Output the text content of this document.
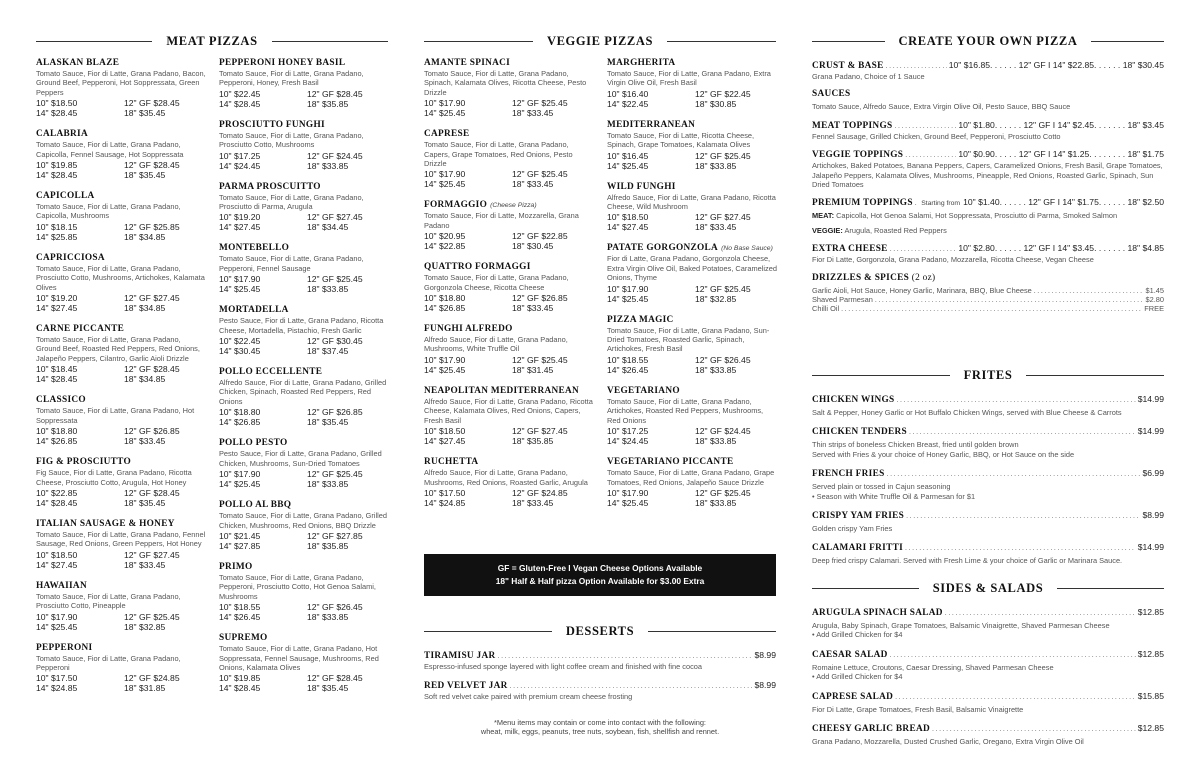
MEAT PIZZAS
ALASKAN BLAZE
Tomato Sauce, Fior di Latte, Grana Padano, Bacon, Ground Beef, Pepperoni, Hot Soppressata, Green Peppers
10" $18.50	12" GF $28.45
14" $28.45	18" $35.45
CALABRIA
Tomato Sauce, Fior di Latte, Grana Padano, Capicolla, Fennel Sausage, Hot Soppressata
10" $19.85	12" GF $28.45
14" $28.45	18" $35.45
CAPICOLLA
Tomato Sauce, Fior di Latte, Grana Padano, Capicolla, Mushrooms
10" $18.15	12" GF $25.85
14" $25.85	18" $34.85
CAPRICCIOSA
Tomato Sauce, Fior di Latte, Grana Padano, Prosciutto Cotto, Mushrooms, Artichokes, Kalamata Olives
10" $19.20	12" GF $27.45
14" $27.45	18" $34.85
CARNE PICCANTE
Tomato Sauce, Fior di Latte, Grana Padano, Ground Beef, Roasted Red Peppers, Red Onions, Jalapeño Peppers, Cilantro, Garlic Aioli Drizzle
10" $18.45	12" GF $28.45
14" $28.45	18" $34.85
CLASSICO
Tomato Sauce, Fior di Latte, Grana Padano, Hot Soppressata
10" $18.80	12" GF $26.85
14" $26.85	18" $33.45
FIG & PROSCIUTTO
Fig Sauce, Fior di Latte, Grana Padano, Ricotta Cheese, Prosciutto Cotto, Arugula, Hot Honey
10" $22.85	12" GF $28.45
14" $28.45	18" $35.45
ITALIAN SAUSAGE & HONEY
Tomato Sauce, Fior di Latte, Grana Padano, Fennel Sausage, Red Onions, Green Peppers, Hot Honey
10" $18.50	12" GF $27.45
14" $27.45	18" $33.45
HAWAIIAN
Tomato Sauce, Fior di Latte, Grana Padano, Prosciutto Cotto, Pineapple
10" $17.90	12" GF $25.45
14" $25.45	18" $32.85
PEPPERONI
Tomato Sauce, Fior di Latte, Grana Padano, Pepperoni
10" $17.50	12" GF $24.85
14" $24.85	18" $31.85
PEPPERONI HONEY BASIL
Tomato Sauce, Fior di Latte, Grana Padano, Pepperoni, Honey, Fresh Basil
10" $22.45	12" GF $28.45
14" $28.45	18" $35.85
PROSCIUTTO FUNGHI
Tomato Sauce, Fior di Latte, Grana Padano, Prosciutto Cotto, Mushrooms
10" $17.25	12" GF $24.45
14" $24.45	18" $33.85
PARMA PROSCUITTO
Tomato Sauce, Fior di Latte, Grana Padano, Prosciutto di Parma, Arugula
10" $19.20	12" GF $27.45
14" $27.45	18" $34.45
MONTEBELLO
Tomato Sauce, Fior di Latte, Grana Padano, Pepperoni, Fennel Sausage
10" $17.90	12" GF $25.45
14" $25.45	18" $33.85
MORTADELLA
Pesto Sauce, Fior di Latte, Grana Padano, Ricotta Cheese, Mortadella, Pistachio, Fresh Garlic
10" $22.45	12" GF $30.45
14" $30.45	18" $37.45
POLLO ECCELLENTE
Alfredo Sauce, Fior di Latte, Grana Padano, Grilled Chicken, Spinach, Roasted Red Peppers, Red Onions
10" $18.80	12" GF $26.85
14" $26.85	18" $35.45
POLLO PESTO
Pesto Sauce, Fior di Latte, Grana Padano, Grilled Chicken, Mushrooms, Sun-Dried Tomatoes
10" $17.90	12" GF $25.45
14" $25.45	18" $33.85
POLLO AL BBQ
Tomato Sauce, Fior di Latte, Grana Padano, Grilled Chicken, Mushrooms, Red Onions, BBQ Drizzle
10" $21.45	12" GF $27.85
14" $27.85	18" $35.85
PRIMO
Tomato Sauce, Fior di Latte, Grana Padano, Pepperoni, Prosciutto Cotto, Hot Genoa Salami, Mushrooms
10" $18.55	12" GF $26.45
14" $26.45	18" $33.85
SUPREMO
Tomato Sauce, Fior di Latte, Grana Padano, Hot Soppressata, Fennel Sausage, Mushrooms, Red Onions, Kalamata Olives
10" $19.85	12" GF $28.45
14" $28.45	18" $35.45
VEGGIE PIZZAS
AMANTE SPINACI
Tomato Sauce, Fior di Latte, Grana Padano, Spinach, Kalamata Olives, Ricotta Cheese, Pesto Drizzle
10" $17.90	12" GF $25.45
14" $25.45	18" $33.45
CAPRESE
Tomato Sauce, Fior di Latte, Grana Padano, Capers, Grape Tomatoes, Red Onions, Pesto Drizzle
10" $17.90	12" GF $25.45
14" $25.45	18" $33.45
FORMAGGIO (Cheese Pizza)
Tomato Sauce, Fior di Latte, Mozzarella, Grana Padano
10" $20.95	12" GF $22.85
14" $22.85	18" $30.45
QUATTRO FORMAGGI
Tomato Sauce, Fior di Latte, Grana Padano, Gorgonzola Cheese, Ricotta Cheese
10" $18.80	12" GF $26.85
14" $26.85	18" $33.45
FUNGHI ALFREDO
Alfredo Sauce, Fior di Latte, Grana Padano, Mushrooms, White Truffle Oil
10" $17.90	12" GF $25.45
14" $25.45	18" $31.45
NEAPOLITAN MEDITERRANEAN
Alfredo Sauce, Fior di Latte, Grana Padano, Ricotta Cheese, Kalamata Olives, Red Onions, Capers, Fresh Basil
10" $18.50	12" GF $27.45
14" $27.45	18" $35.85
RUCHETTA
Alfredo Sauce, Fior di Latte, Grana Padano, Mushrooms, Red Onions, Roasted Garlic, Arugula
10" $17.50	12" GF $24.85
14" $24.85	18" $33.45
MARGHERITA
Tomato Sauce, Fior di Latte, Grana Padano, Extra Virgin Olive Oil, Fresh Basil
10" $16.40	12" GF $22.45
14" $22.45	18" $30.85
MEDITERRANEAN
Tomato Sauce, Fior di Latte, Ricotta Cheese, Spinach, Grape Tomatoes, Kalamata Olives
10" $16.45	12" GF $25.45
14" $25.45	18" $33.85
WILD FUNGHI
Alfredo Sauce, Fior di Latte, Grana Padano, Ricotta Cheese, Wild Mushroom
10" $18.50	12" GF $27.45
14" $27.45	18" $33.45
PATATE GORGONZOLA (No Base Sauce)
Fior di Latte, Grana Padano, Gorgonzola Cheese, Extra Virgin Olive Oil, Baked Potatoes, Caramelized Onions, Thyme
10" $17.90	12" GF $25.45
14" $25.45	18" $32.85
PIZZA MAGIC
Tomato Sauce, Fior di Latte, Grana Padano, Sun-Dried Tomatoes, Roasted Garlic, Spinach, Artichokes, Fresh Basil
10" $18.55	12" GF $26.45
14" $26.45	18" $33.85
VEGETARIANO
Tomato Sauce, Fior di Latte, Grana Padano, Artichokes, Roasted Red Peppers, Mushrooms, Red Onions
10" $17.25	12" GF $24.45
14" $24.45	18" $33.85
VEGETARIANO PICCANTE
Tomato Sauce, Fior di Latte, Grana Padano, Grape Tomatoes, Red Onions, Jalapeño Sauce Drizzle
10" $17.90	12" GF $25.45
14" $25.45	18" $33.85
GF = Gluten-Free I Vegan Cheese Options Available
18" Half & Half pizza Option Available for $3.00 Extra
DESSERTS
TIRAMISU JAR .....	$8.99
Espresso-infused sponge layered with light coffee cream and finished with fine cocoa
RED VELVET JAR .....	$8.99
Soft red velvet cake paired with premium cream cheese frosting
*Menu items may contain or come into contact with the following:
wheat, milk, eggs, peanuts, tree nuts, soybean, fish, shellfish and rennet.
CREATE YOUR OWN PIZZA
CRUST & BASE .....	10" $16.85. . . . . . 12" GF I 14" $22.85. . . . . . 18" $30.45
Grana Padano, Choice of 1 Sauce
SAUCES
Tomato Sauce, Alfredo Sauce, Extra Virgin Olive Oil, Pesto Sauce, BBQ Sauce
MEAT TOPPINGS .....	10" $1.80. . . . . . 12" GF I 14" $2.45. . . . . . . 18" $3.45
Fennel Sausage, Grilled Chicken, Ground Beef, Pepperoni, Prosciutto Cotto
VEGGIE TOPPINGS .....	10" $0.90. . . . . 12" GF I 14" $1.25. . . . . . . . 18" $1.75
Artichokes, Baked Potatoes, Banana Peppers, Capers, Caramelized Onions, Fresh Basil, Grape Tomatoes, Jalapeño Peppers, Kalamata Olives, Mushrooms, Pineapple, Red Onions, Roasted Garlic, Spinach, Sun Dried Tomatoes
PREMIUM TOPPINGS ..... Starting from 10" $1.40. . . . . . 12" GF I 14" $1.75. . . . . . 18" $2.50
MEAT: Capicolla, Hot Genoa Salami, Hot Soppressata, Prosciutto di Parma, Smoked Salmon
VEGGIE: Arugula, Roasted Red Peppers
EXTRA CHEESE .....	10" $2.80. . . . . . 12" GF I 14" $3.45. . . . . . . 18" $4.85
Fior Di Latte, Gorgonzola, Grana Padano, Mozzarella, Ricotta Cheese, Vegan Cheese
DRIZZLES & SPICES (2 oz)
Garlic Aioli, Hot Sauce, Honey Garlic, Marinara, BBQ, Blue Cheese .....	$1.45
Shaved Parmesan .....	$2.80
Chilli Oil .....	FREE
FRITES
CHICKEN WINGS .....	$14.99
Salt & Pepper, Honey Garlic or Hot Buffalo Chicken Wings, served with Blue Cheese & Carrots
CHICKEN TENDERS .....	$14.99
Thin strips of boneless Chicken Breast, fried until golden brown
Served with Fries & your choice of Honey Garlic, BBQ, or Hot Sauce on the side
FRENCH FRIES .....	$6.99
Served plain or tossed in Cajun seasoning
• Season with White Truffle Oil & Parmesan for $1
CRISPY YAM FRIES .....	$8.99
Golden crispy Yam Fries
CALAMARI FRITTI .....	$14.99
Deep fried crispy Calamari. Served with Fresh Lime & your choice of Garlic or Marinara Sauce.
SIDES & SALADS
ARUGULA SPINACH SALAD .....	$12.85
Arugula, Baby Spinach, Grape Tomatoes, Balsamic Vinaigrette, Shaved Parmesan Cheese
• Add Grilled Chicken for $4
CAESAR SALAD .....	$12.85
Romaine Lettuce, Croutons, Caesar Dressing, Shaved Parmesan Cheese
• Add Grilled Chicken for $4
CAPRESE SALAD .....	$15.85
Fior Di Latte, Grape Tomatoes, Fresh Basil, Balsamic Vinaigrette
CHEESY GARLIC BREAD .....	$12.85
Grana Padano, Mozzarella, Dusted Crushed Garlic, Oregano, Extra Virgin Olive Oil
